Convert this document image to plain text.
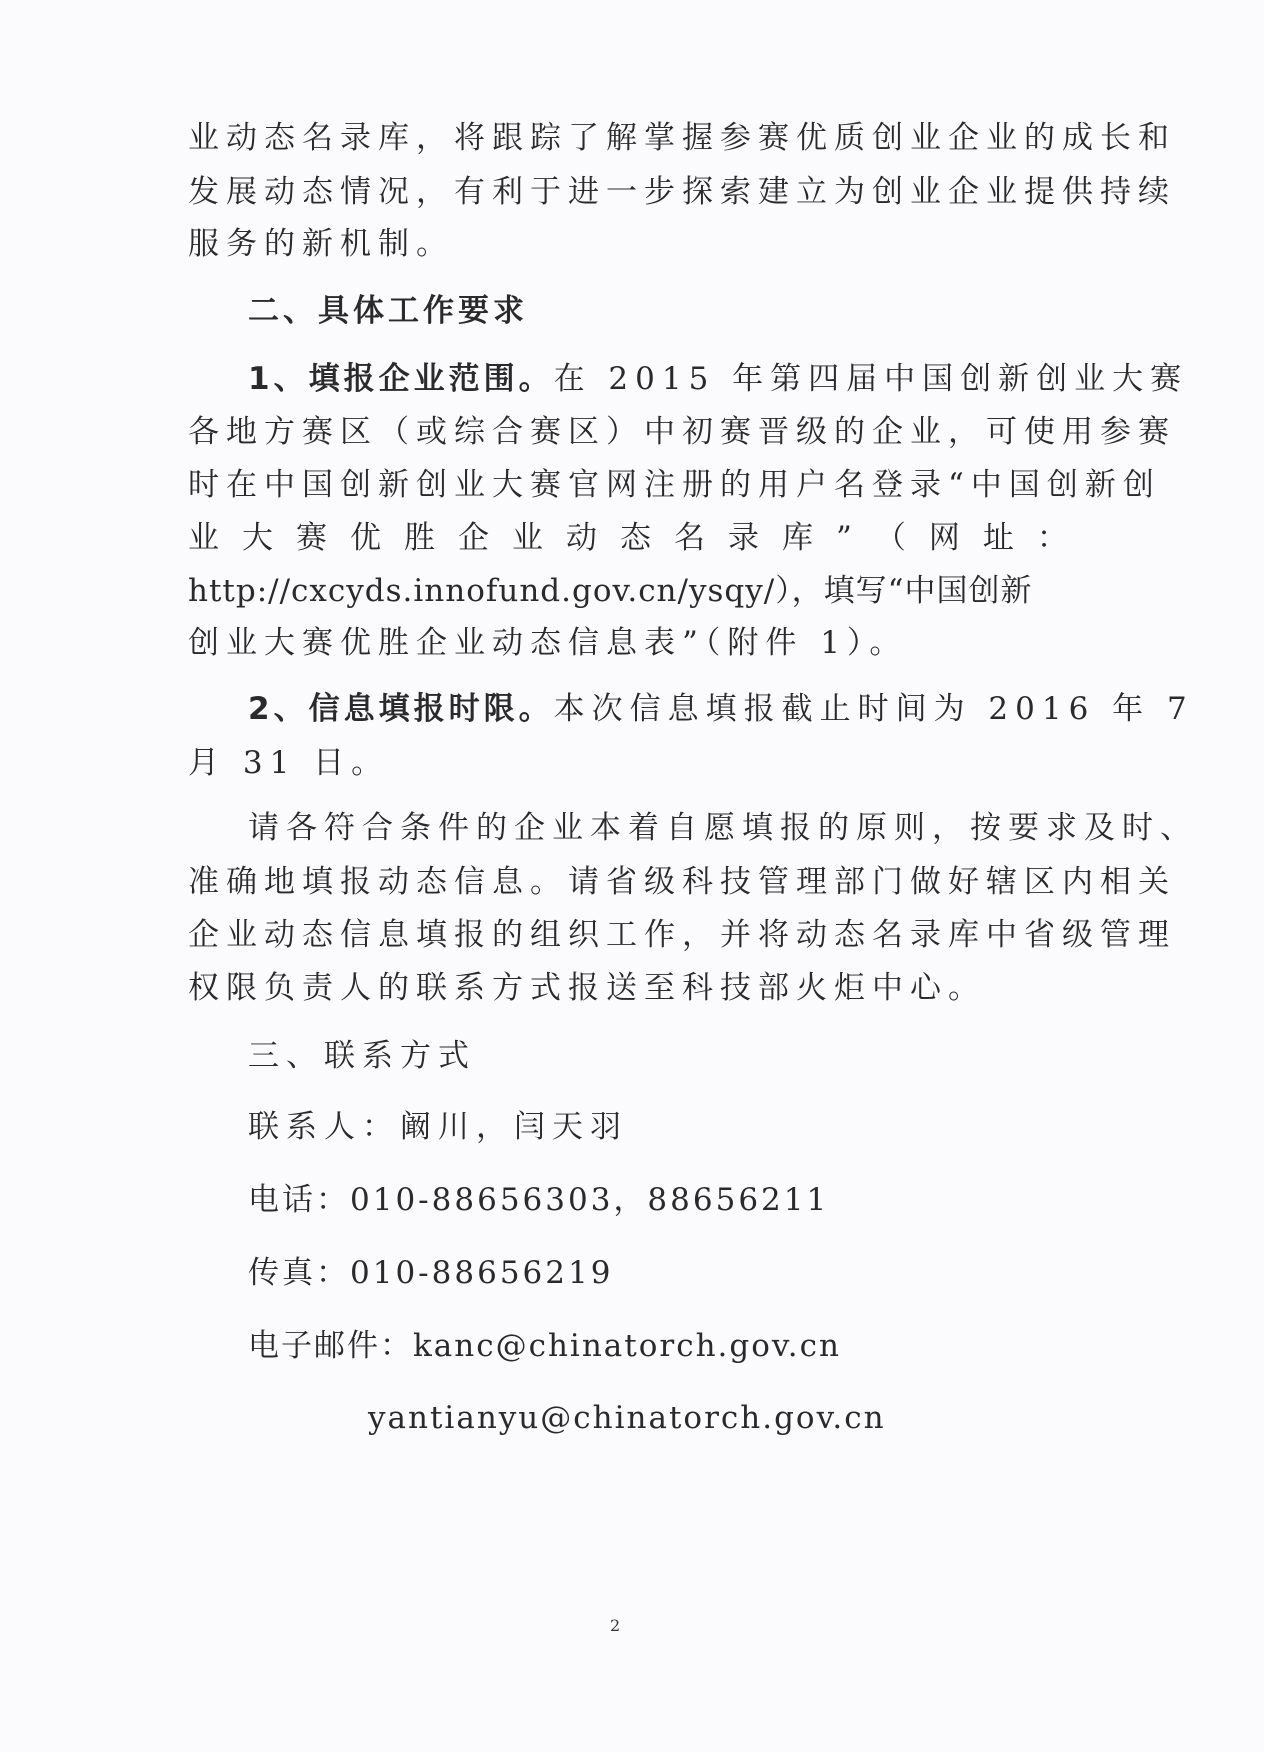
业动态名录库，将跟踪了解掌握参赛优质创业企业的成长和
发展动态情况，有利于进一步探索建立为创业企业提供持续
服务的新机制。
二、具体工作要求
1、填报企业范围。在 2015 年第四届中国创新创业大赛
各地方赛区（或综合赛区）中初赛晋级的企业，可使用参赛
时在中国创新创业大赛官网注册的用户名登录“中国创新创
业 大 赛 优 胜 企 业 动 态 名 录 库 ” （ 网 址 ：
http://cxcyds.innofund.gov.cn/ysqy/），填写“中国创新
创业大赛优胜企业动态信息表”（附件 1）。
2、信息填报时限。本次信息填报截止时间为 2016 年 7
月 31 日。
请各符合条件的企业本着自愿填报的原则，按要求及时、
准确地填报动态信息。请省级科技管理部门做好辖区内相关
企业动态信息填报的组织工作，并将动态名录库中省级管理
权限负责人的联系方式报送至科技部火炬中心。
三、联系方式
联系人：阚川，闫天羽
电话：010-88656303，88656211
传真：010-88656219
电子邮件：kanc@chinatorch.gov.cn
yantianyu@chinatorch.gov.cn
2
